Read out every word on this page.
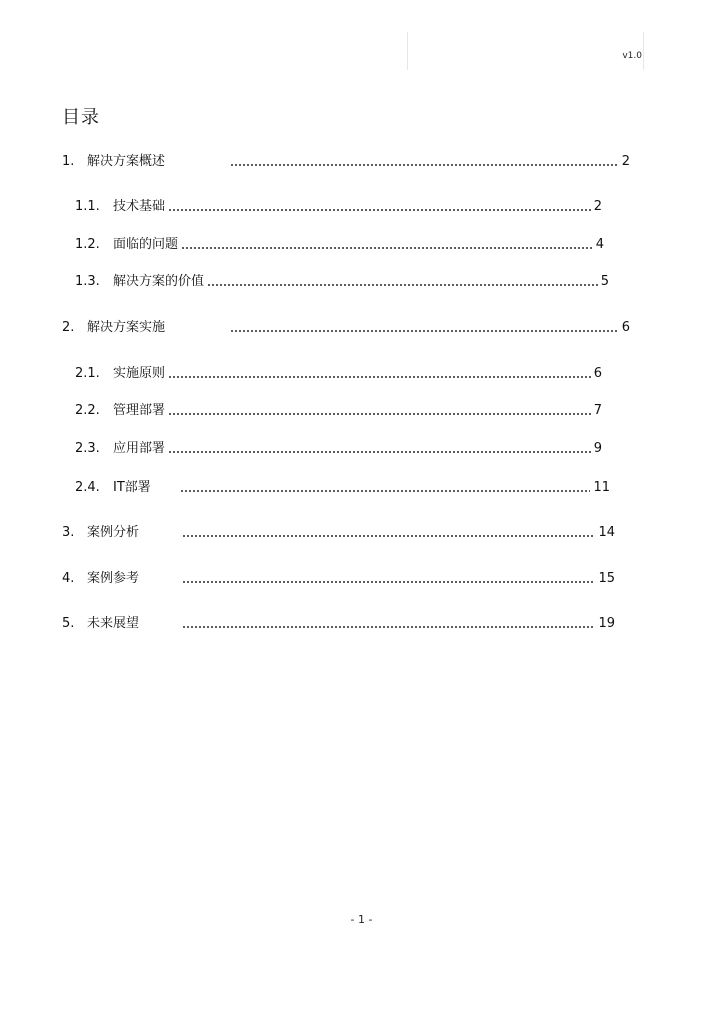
v1.0
目录
1. 解决方案概述	2
1.1.	技术基础	2
1.2.	面临的问题	4
1.3.	解决方案的价值	5
2. 解决方案实施	6
2.1.	实施原则	6
2.2.	管理部署	7
2.3.	应用部署	9
2.4.	IT部署	11
3. 案例分析	14
4. 案例参考	15
5. 未来展望	19
- 1 -
